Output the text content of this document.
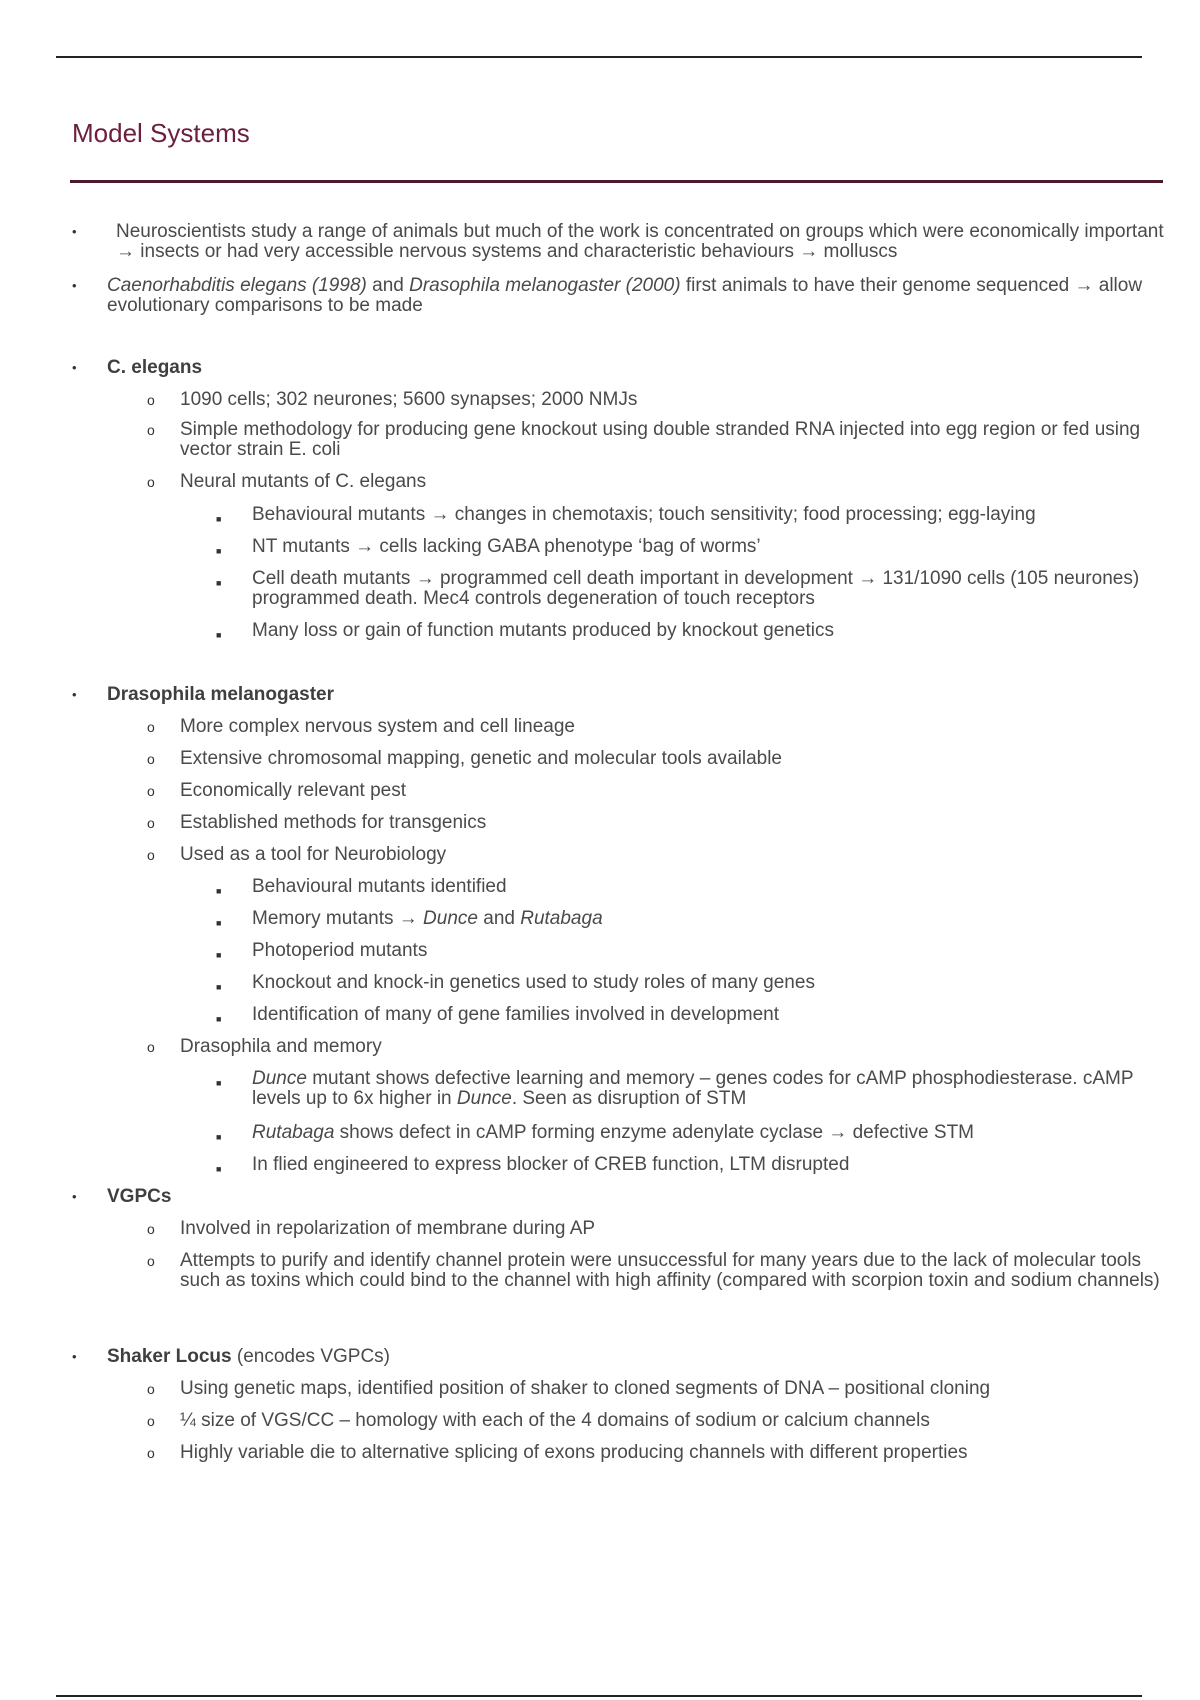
Model Systems
• Neuroscientists study a range of animals but much of the work is concentrated on groups which were economically important → insects or had very accessible nervous systems and characteristic behaviours → molluscs
• Caenorhabditis elegans (1998) and Drasophila melanogaster (2000) first animals to have their genome sequenced → allow evolutionary comparisons to be made
• C. elegans
o 1090 cells; 302 neurones; 5600 synapses; 2000 NMJs
o Simple methodology for producing gene knockout using double stranded RNA injected into egg region or fed using vector strain E. coli
o Neural mutants of C. elegans
■ Behavioural mutants → changes in chemotaxis; touch sensitivity; food processing; egg-laying
■ NT mutants → cells lacking GABA phenotype ‘bag of worms’
■ Cell death mutants → programmed cell death important in development → 131/1090 cells (105 neurones) programmed death. Mec4 controls degeneration of touch receptors
■ Many loss or gain of function mutants produced by knockout genetics
• Drasophila melanogaster
o More complex nervous system and cell lineage
o Extensive chromosomal mapping, genetic and molecular tools available
o Economically relevant pest
o Established methods for transgenics
o Used as a tool for Neurobiology
■ Behavioural mutants identified
■ Memory mutants → Dunce and Rutabaga
■ Photoperiod mutants
■ Knockout and knock-in genetics used to study roles of many genes
■ Identification of many of gene families involved in development
o Drasophila and memory
■ Dunce mutant shows defective learning and memory – genes codes for cAMP phosphodiesterase. cAMP levels up to 6x higher in Dunce. Seen as disruption of STM
■ Rutabaga shows defect in cAMP forming enzyme adenylate cyclase → defective STM
■ In flied engineered to express blocker of CREB function, LTM disrupted
• VGPCs
o Involved in repolarization of membrane during AP
o Attempts to purify and identify channel protein were unsuccessful for many years due to the lack of molecular tools such as toxins which could bind to the channel with high affinity (compared with scorpion toxin and sodium channels)
• Shaker Locus (encodes VGPCs)
o Using genetic maps, identified position of shaker to cloned segments of DNA – positional cloning
o ¼ size of VGS/CC – homology with each of the 4 domains of sodium or calcium channels
o Highly variable die to alternative splicing of exons producing channels with different properties
